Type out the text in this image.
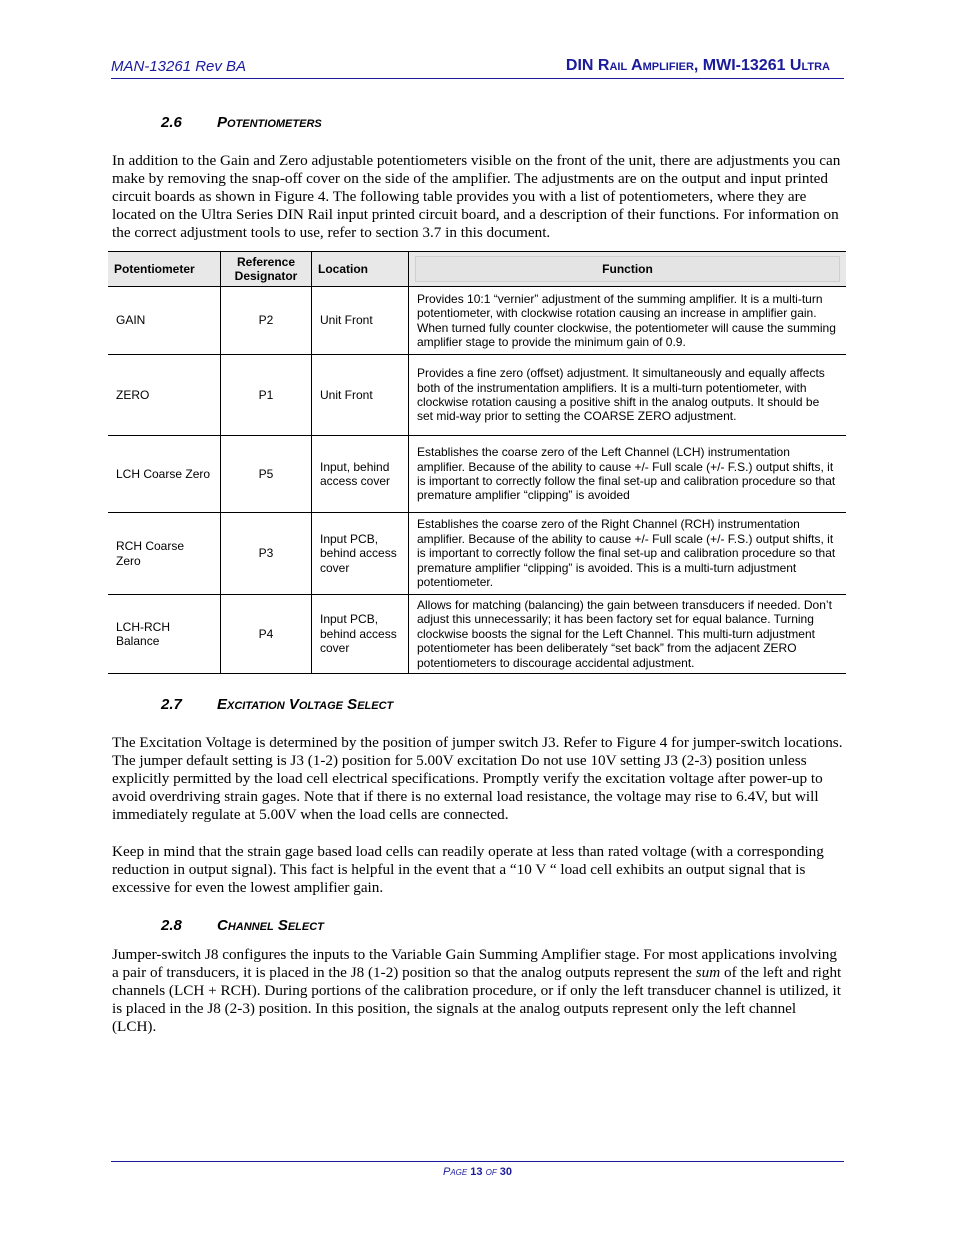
MAN-13261 Rev BA	DIN Rail Amplifier, MWI-13261 Ultra
2.6 Potentiometers
In addition to the Gain and Zero adjustable potentiometers visible on the front of the unit, there are adjustments you can make by removing the snap-off cover on the side of the amplifier. The adjustments are on the output and input printed circuit boards as shown in Figure 4. The following table provides you with a list of potentiometers, where they are located on the Ultra Series DIN Rail input printed circuit board, and a description of their functions. For information on the correct adjustment tools to use, refer to section 3.7 in this document.
Potentiometer	Reference Designator	Location	Function

GAIN	P2	Unit Front	Provides 10:1 “vernier” adjustment of the summing amplifier. It is a multi-turn potentiometer, with clockwise rotation causing an increase in amplifier gain. When turned fully counter clockwise, the potentiometer will cause the summing amplifier stage to provide the minimum gain of 0.9.
ZERO	P1	Unit Front	Provides a fine zero (offset) adjustment. It simultaneously and equally affects both of the instrumentation amplifiers. It is a multi-turn potentiometer, with clockwise rotation causing a positive shift in the analog outputs. It should be set mid-way prior to setting the COARSE ZERO adjustment.
LCH Coarse Zero	P5	Input, behind access cover	Establishes the coarse zero of the Left Channel (LCH) instrumentation amplifier. Because of the ability to cause +/- Full scale (+/- F.S.) output shifts, it is important to correctly follow the final set-up and calibration procedure so that premature amplifier “clipping” is avoided
RCH Coarse Zero	P3	Input PCB, behind access cover	Establishes the coarse zero of the Right Channel (RCH) instrumentation amplifier. Because of the ability to cause +/- Full scale (+/- F.S.) output shifts, it is important to correctly follow the final set-up and calibration procedure so that premature amplifier “clipping” is avoided. This is a multi-turn adjustment potentiometer.
LCH-RCH Balance	P4	Input PCB, behind access cover	Allows for matching (balancing) the gain between transducers if needed. Don’t adjust this unnecessarily; it has been factory set for equal balance. Turning clockwise boosts the signal for the Left Channel. This multi-turn adjustment potentiometer has been deliberately “set back” from the adjacent ZERO potentiometers to discourage accidental adjustment.
2.7 Excitation Voltage Select
The Excitation Voltage is determined by the position of jumper switch J3. Refer to Figure 4 for jumper-switch locations. The jumper default setting is J3 (1-2) position for 5.00V excitation Do not use 10V setting J3 (2-3) position unless explicitly permitted by the load cell electrical specifications. Promptly verify the excitation voltage after power-up to avoid overdriving strain gages. Note that if there is no external load resistance, the voltage may rise to 6.4V, but will immediately regulate at 5.00V when the load cells are connected.
Keep in mind that the strain gage based load cells can readily operate at less than rated voltage (with a corresponding reduction in output signal). This fact is helpful in the event that a “10 V “ load cell exhibits an output signal that is excessive for even the lowest amplifier gain.
2.8 Channel Select
Jumper-switch J8 configures the inputs to the Variable Gain Summing Amplifier stage. For most applications involving a pair of transducers, it is placed in the J8 (1-2) position so that the analog outputs represent the sum of the left and right channels (LCH + RCH). During portions of the calibration procedure, or if only the left transducer channel is utilized, it is placed in the J8 (2-3) position. In this position, the signals at the analog outputs represent only the left channel (LCH).
Page 13 of 30
